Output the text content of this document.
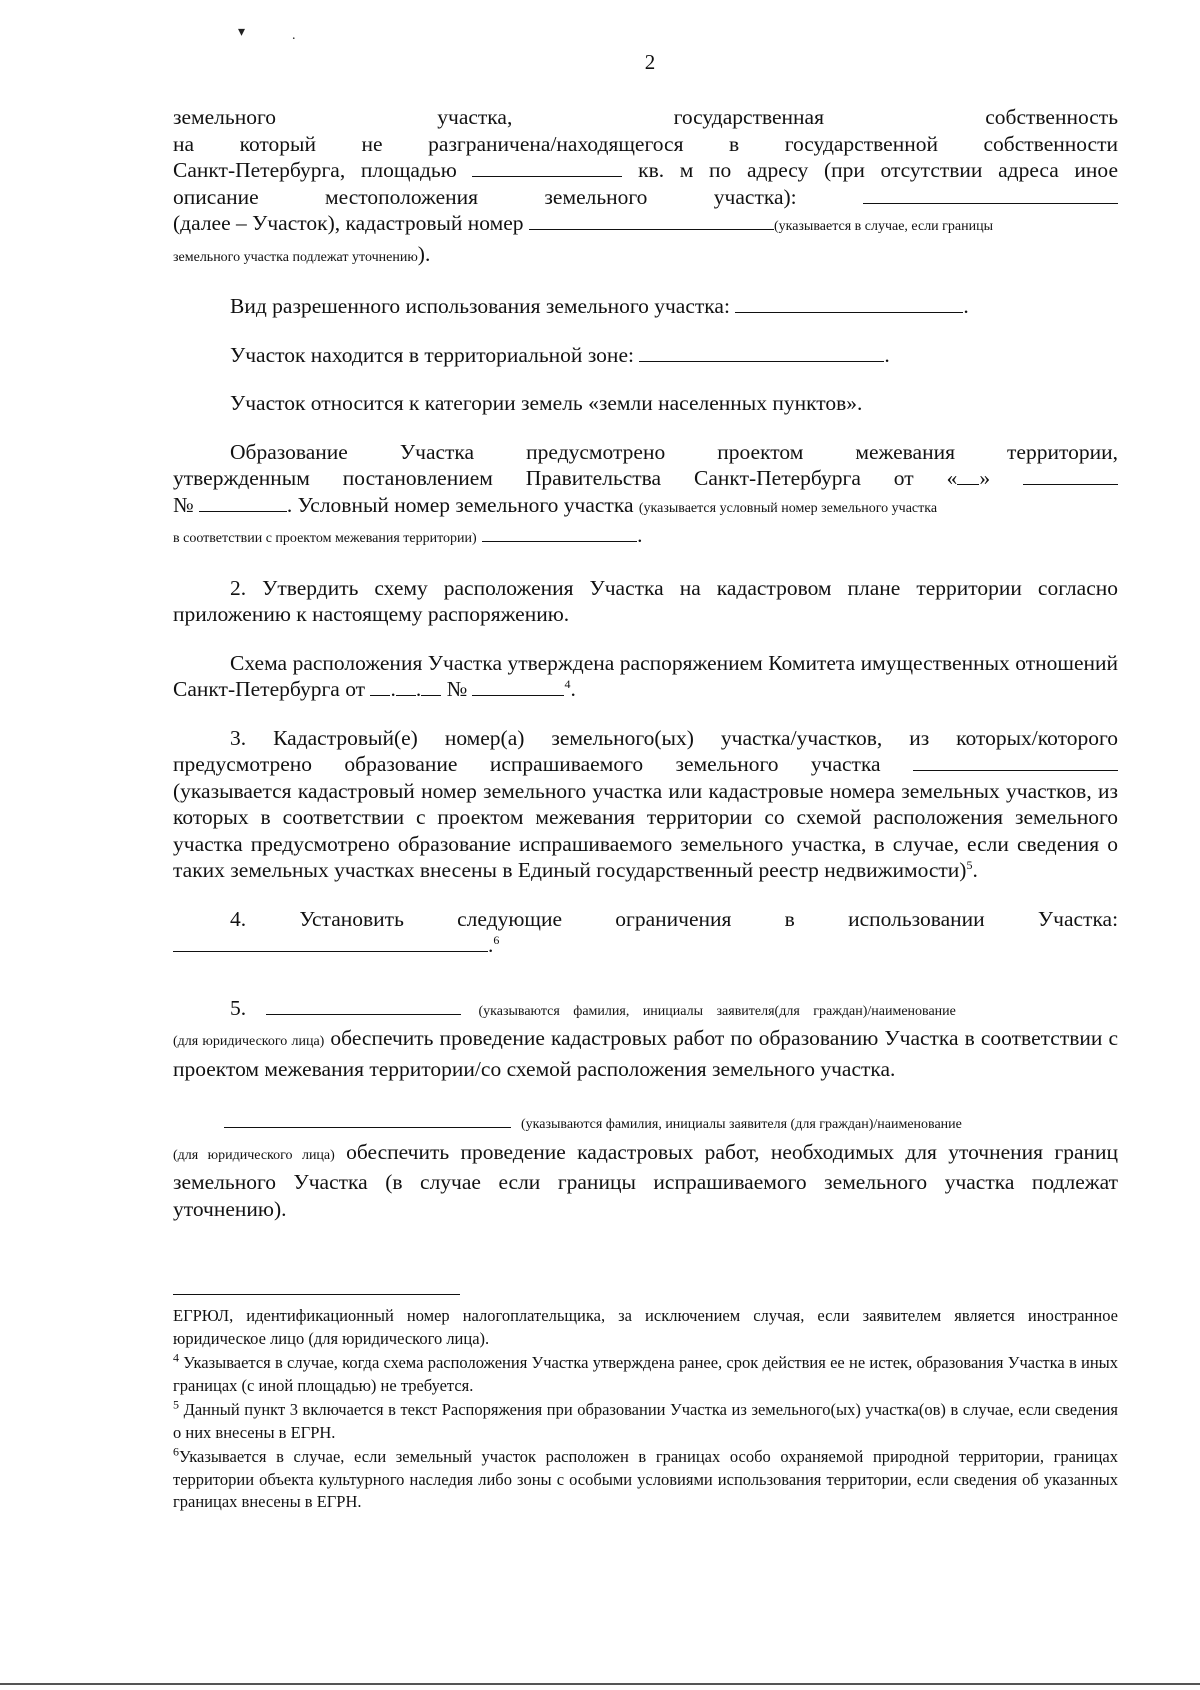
▾	.
2

земельного	участка,	государственная	собственность

на который не разграничена/находящегося в государственной собственности

Санкт-Петербурга, площадью	кв. м по адресу (при отсутствии адреса иное

описание	местоположения	земельного	участка):

(далее – Участок), кадастровый номер	(указывается в случае, если границы

земельного участка подлежат уточнению).

Вид разрешенного использования земельного участка:	.

Участок находится в территориальной зоне:	.

Участок относится к категории земель «земли населенных пунктов».

Образование Участка предусмотрено проектом межевания территории,

утвержденным постановлением Правительства Санкт-Петербурга от « »

№	. Условный номер земельного участка (указывается условный номер земельного участка

в соответствии с проектом межевания территории)	.

2. Утвердить схему расположения Участка на кадастровом плане территории согласно приложению к настоящему распоряжению.

Схема расположения Участка утверждена распоряжением Комитета имущественных отношений Санкт-Петербурга от . . №	$^4$.

3. Кадастровый(е) номер(а) земельного(ых) участка/участков, из которых/которого

предусмотрено образование испрашиваемого земельного участка

(указывается кадастровый номер земельного участка или кадастровые номера земельных участков, из которых в соответствии с проектом межевания территории со схемой расположения земельного участка предусмотрено образование испрашиваемого земельного участка, в случае, если сведения о таких земельных участках внесены в Единый государственный реестр недвижимости)$^5$.

4. Установить следующие ограничения в использовании Участка:

.$^6$

5.	(указываются фамилия, инициалы заявителя(для граждан)/наименование

(для юридического лица) обеспечить проведение кадастровых работ по образованию Участка в соответствии с проектом межевания территории/со схемой расположения земельного участка.

(указываются фамилия, инициалы заявителя (для граждан)/наименование

(для юридического лица) обеспечить проведение кадастровых работ, необходимых для уточнения границ земельного Участка (в случае если границы испрашиваемого земельного участка подлежат уточнению).

ЕГРЮЛ, идентификационный номер налогоплательщика, за исключением случая, если заявителем является иностранное юридическое лицо (для юридического лица).

$^4$ Указывается в случае, когда схема расположения Участка утверждена ранее, срок действия ее не истек, образования Участка в иных границах (с иной площадью) не требуется.

$^5$ Данный пункт 3 включается в текст Распоряжения при образовании Участка из земельного(ых) участка(ов) в случае, если сведения о них внесены в ЕГРН.

$^6$Указывается в случае, если земельный участок расположен в границах особо охраняемой природной территории, границах территории объекта культурного наследия либо зоны с особыми условиями использования территории, если сведения об указанных границах внесены в ЕГРН.
